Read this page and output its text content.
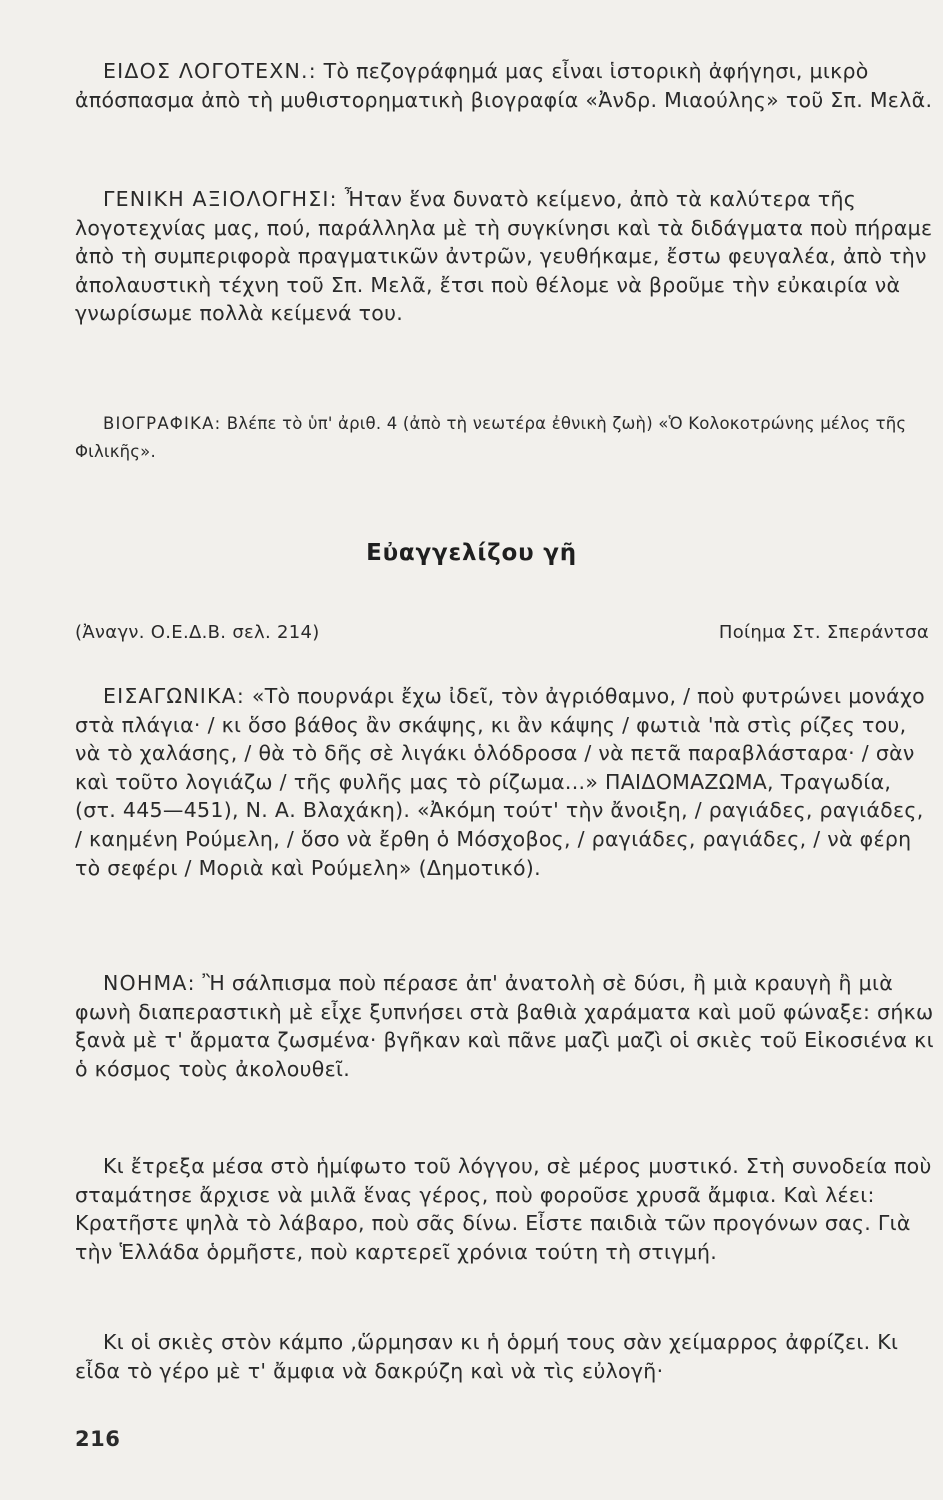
ΕΙΔΟΣ ΛΟΓΟΤΕΧΝ.: Τὸ πεζογράφημά μας εἶναι ἱστορικὴ ἀφήγησι, μικρὸ ἀπόσπασμα ἀπὸ τὴ μυθιστορηματικὴ βιογραφία «Ἀνδρ. Μιαούλης» τοῦ Σπ. Μελᾶ.

ΓΕΝΙΚΗ ΑΞΙΟΛΟΓΗΣΙ: Ἦταν ἕνα δυνατὸ κείμενο, ἀπὸ τὰ καλύτερα τῆς λογοτεχνίας μας, πού, παράλληλα μὲ τὴ συγκίνησι καὶ τὰ διδάγματα ποὺ πήραμε ἀπὸ τὴ συμπεριφορὰ πραγματικῶν ἀντρῶν, γευθήκαμε, ἔστω φευγαλέα, ἀπὸ τὴν ἀπολαυστικὴ τέχνη τοῦ Σπ. Μελᾶ, ἔτσι ποὺ θέλομε νὰ βροῦμε τὴν εὐκαιρία νὰ γνωρίσωμε πολλὰ κείμενά του.

ΒΙΟΓΡΑΦΙΚΑ: Βλέπε τὸ ὑπ' ἀριθ. 4 (ἀπὸ τὴ νεωτέρα ἐθνικὴ ζωὴ) «Ὁ Κολοκοτρώνης μέλος τῆς Φιλικῆς».

Εὐαγγελίζου γῆ
(Ἀναγν. Ο.Ε.Δ.Β. σελ. 214)	Ποίημα Στ. Σπεράντσα

ΕΙΣΑΓΩΝΙΚΑ: «Τὸ πουρνάρι ἔχω ἰδεῖ, τὸν ἀγριόθαμνο, / ποὺ φυτρώνει μονάχο στὰ πλάγια· / κι ὅσο βάθος ἂν σκάψης, κι ἂν κάψης / φωτιὰ 'πὰ στὶς ρίζες του, νὰ τὸ χαλάσης, / θὰ τὸ δῆς σὲ λιγάκι ὁλόδροσα / νὰ πετᾶ παραβλάσταρα· / σὰν καὶ τοῦτο λογιάζω / τῆς φυλῆς μας τὸ ρίζωμα...» ΠΑΙΔΟΜΑΖΩΜΑ, Τραγωδία, (στ. 445—451), Ν. Α. Βλαχάκη). «Ἀκόμη τούτ' τὴν ἄνοιξη, / ραγιάδες, ραγιάδες, / καημένη Ρούμελη, / ὅσο νὰ ἔρθη ὁ Μόσχοβος, / ραγιάδες, ραγιάδες, / νὰ φέρη τὸ σεφέρι / Μοριὰ καὶ Ρούμελη» (Δημοτικό).

ΝΟΗΜΑ: Ἢ σάλπισμα ποὺ πέρασε ἀπ' ἀνατολὴ σὲ δύσι, ἢ μιὰ κραυγὴ ἢ μιὰ φωνὴ διαπεραστικὴ μὲ εἶχε ξυπνήσει στὰ βαθιὰ χαράματα καὶ μοῦ φώναξε: σήκω ξανὰ μὲ τ' ἄρματα ζωσμένα· βγῆκαν καὶ πᾶνε μαζὶ μαζὶ οἱ σκιὲς τοῦ Εἰκοσιένα κι ὁ κόσμος τοὺς ἀκολουθεῖ.

Κι ἔτρεξα μέσα στὸ ἡμίφωτο τοῦ λόγγου, σὲ μέρος μυστικό. Στὴ συνοδεία ποὺ σταμάτησε ἄρχισε νὰ μιλᾶ ἕνας γέρος, ποὺ φοροῦσε χρυσᾶ ἄμφια. Καὶ λέει: Κρατῆστε ψηλὰ τὸ λάβαρο, ποὺ σᾶς δίνω. Εἶστε παιδιὰ τῶν προγόνων σας. Γιὰ τὴν Ἑλλάδα ὁρμῆστε, ποὺ καρτερεῖ χρόνια τούτη τὴ στιγμή.

Κι οἱ σκιὲς στὸν κάμπο ,ὥρμησαν κι ἡ ὁρμή τους σὰν χείμαρρος ἀφρίζει. Κι εἶδα τὸ γέρο μὲ τ' ἄμφια νὰ δακρύζη καὶ νὰ τὶς εὐλογῆ·

216
